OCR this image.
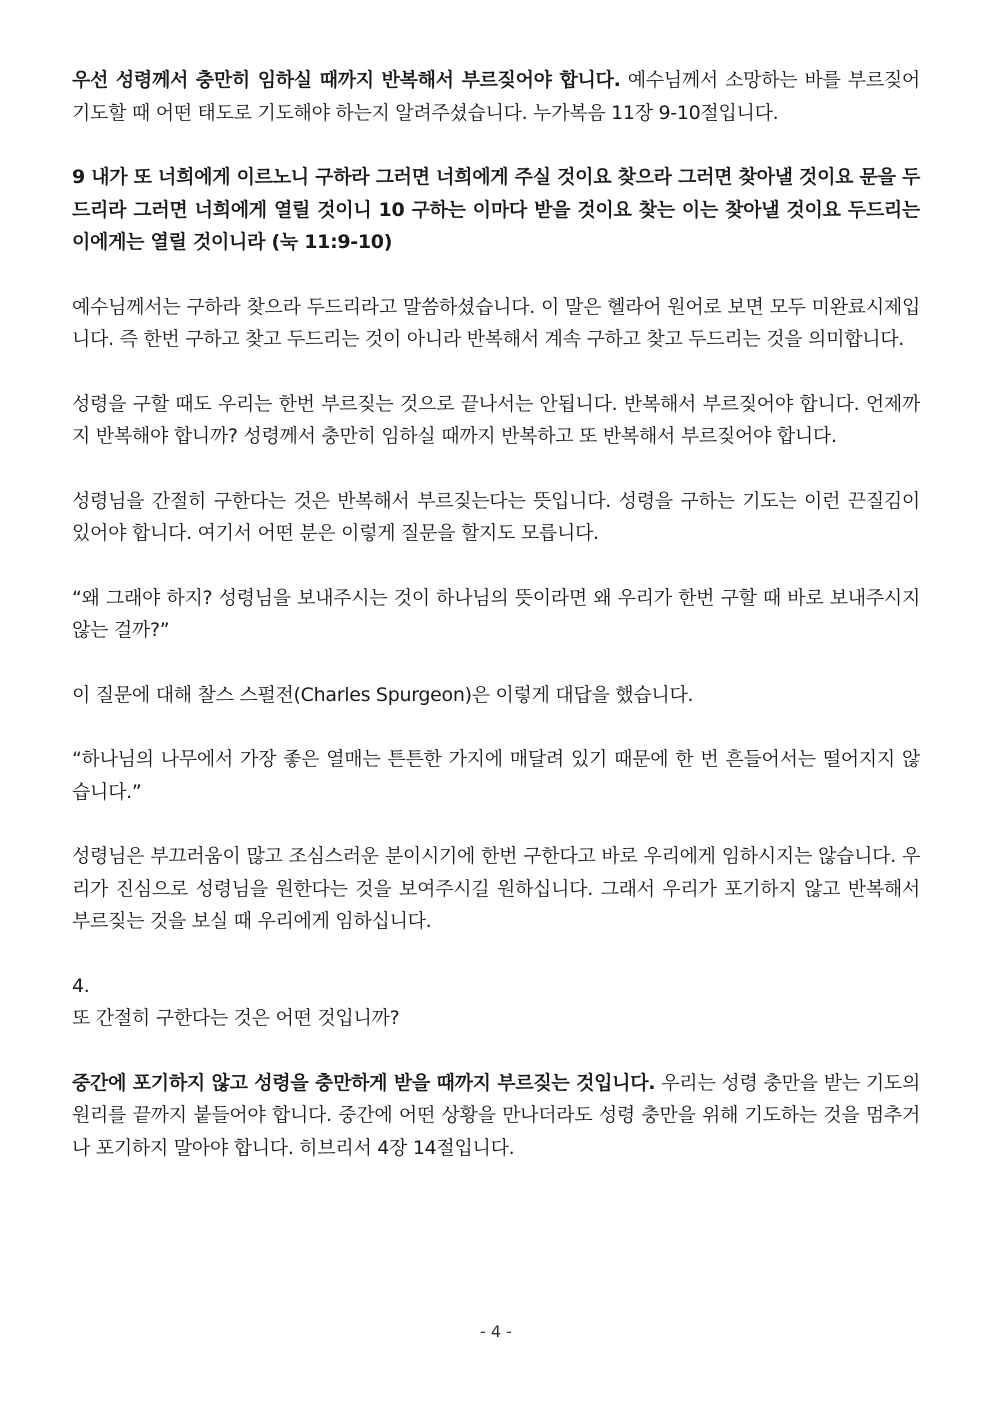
우선 성령께서 충만히 임하실 때까지 반복해서 부르짖어야 합니다. 예수님께서 소망하는 바를 부르짖어 기도할 때 어떤 태도로 기도해야 하는지 알려주셨습니다. 누가복음 11장 9-10절입니다.

9 내가 또 너희에게 이르노니 구하라 그러면 너희에게 주실 것이요 찾으라 그러면 찾아낼 것이요 문을 두드리라 그러면 너희에게 열릴 것이니 10 구하는 이마다 받을 것이요 찾는 이는 찾아낼 것이요 두드리는 이에게는 열릴 것이니라 (눅 11:9-10)

예수님께서는 구하라 찾으라 두드리라고 말씀하셨습니다. 이 말은 헬라어 원어로 보면 모두 미완료시제입니다. 즉 한번 구하고 찾고 두드리는 것이 아니라 반복해서 계속 구하고 찾고 두드리는 것을 의미합니다.

성령을 구할 때도 우리는 한번 부르짖는 것으로 끝나서는 안됩니다. 반복해서 부르짖어야 합니다. 언제까지 반복해야 합니까? 성령께서 충만히 임하실 때까지 반복하고 또 반복해서 부르짖어야 합니다.

성령님을 간절히 구한다는 것은 반복해서 부르짖는다는 뜻입니다. 성령을 구하는 기도는 이런 끈질김이 있어야 합니다. 여기서 어떤 분은 이렇게 질문을 할지도 모릅니다.

“왜 그래야 하지? 성령님을 보내주시는 것이 하나님의 뜻이라면 왜 우리가 한번 구할 때 바로 보내주시지 않는 걸까?”

이 질문에 대해 찰스 스펄전(Charles Spurgeon)은 이렇게 대답을 했습니다.

“하나님의 나무에서 가장 좋은 열매는 튼튼한 가지에 매달려 있기 때문에 한 번 흔들어서는 떨어지지 않습니다.”

성령님은 부끄러움이 많고 조심스러운 분이시기에 한번 구한다고 바로 우리에게 임하시지는 않습니다. 우리가 진심으로 성령님을 원한다는 것을 보여주시길 원하십니다. 그래서 우리가 포기하지 않고 반복해서 부르짖는 것을 보실 때 우리에게 임하십니다.

4.

또 간절히 구한다는 것은 어떤 것입니까?

중간에 포기하지 않고 성령을 충만하게 받을 때까지 부르짖는 것입니다. 우리는 성령 충만을 받는 기도의 원리를 끝까지 붙들어야 합니다. 중간에 어떤 상황을 만나더라도 성령 충만을 위해 기도하는 것을 멈추거나 포기하지 말아야 합니다. 히브리서 4장 14절입니다.

- 4 -
